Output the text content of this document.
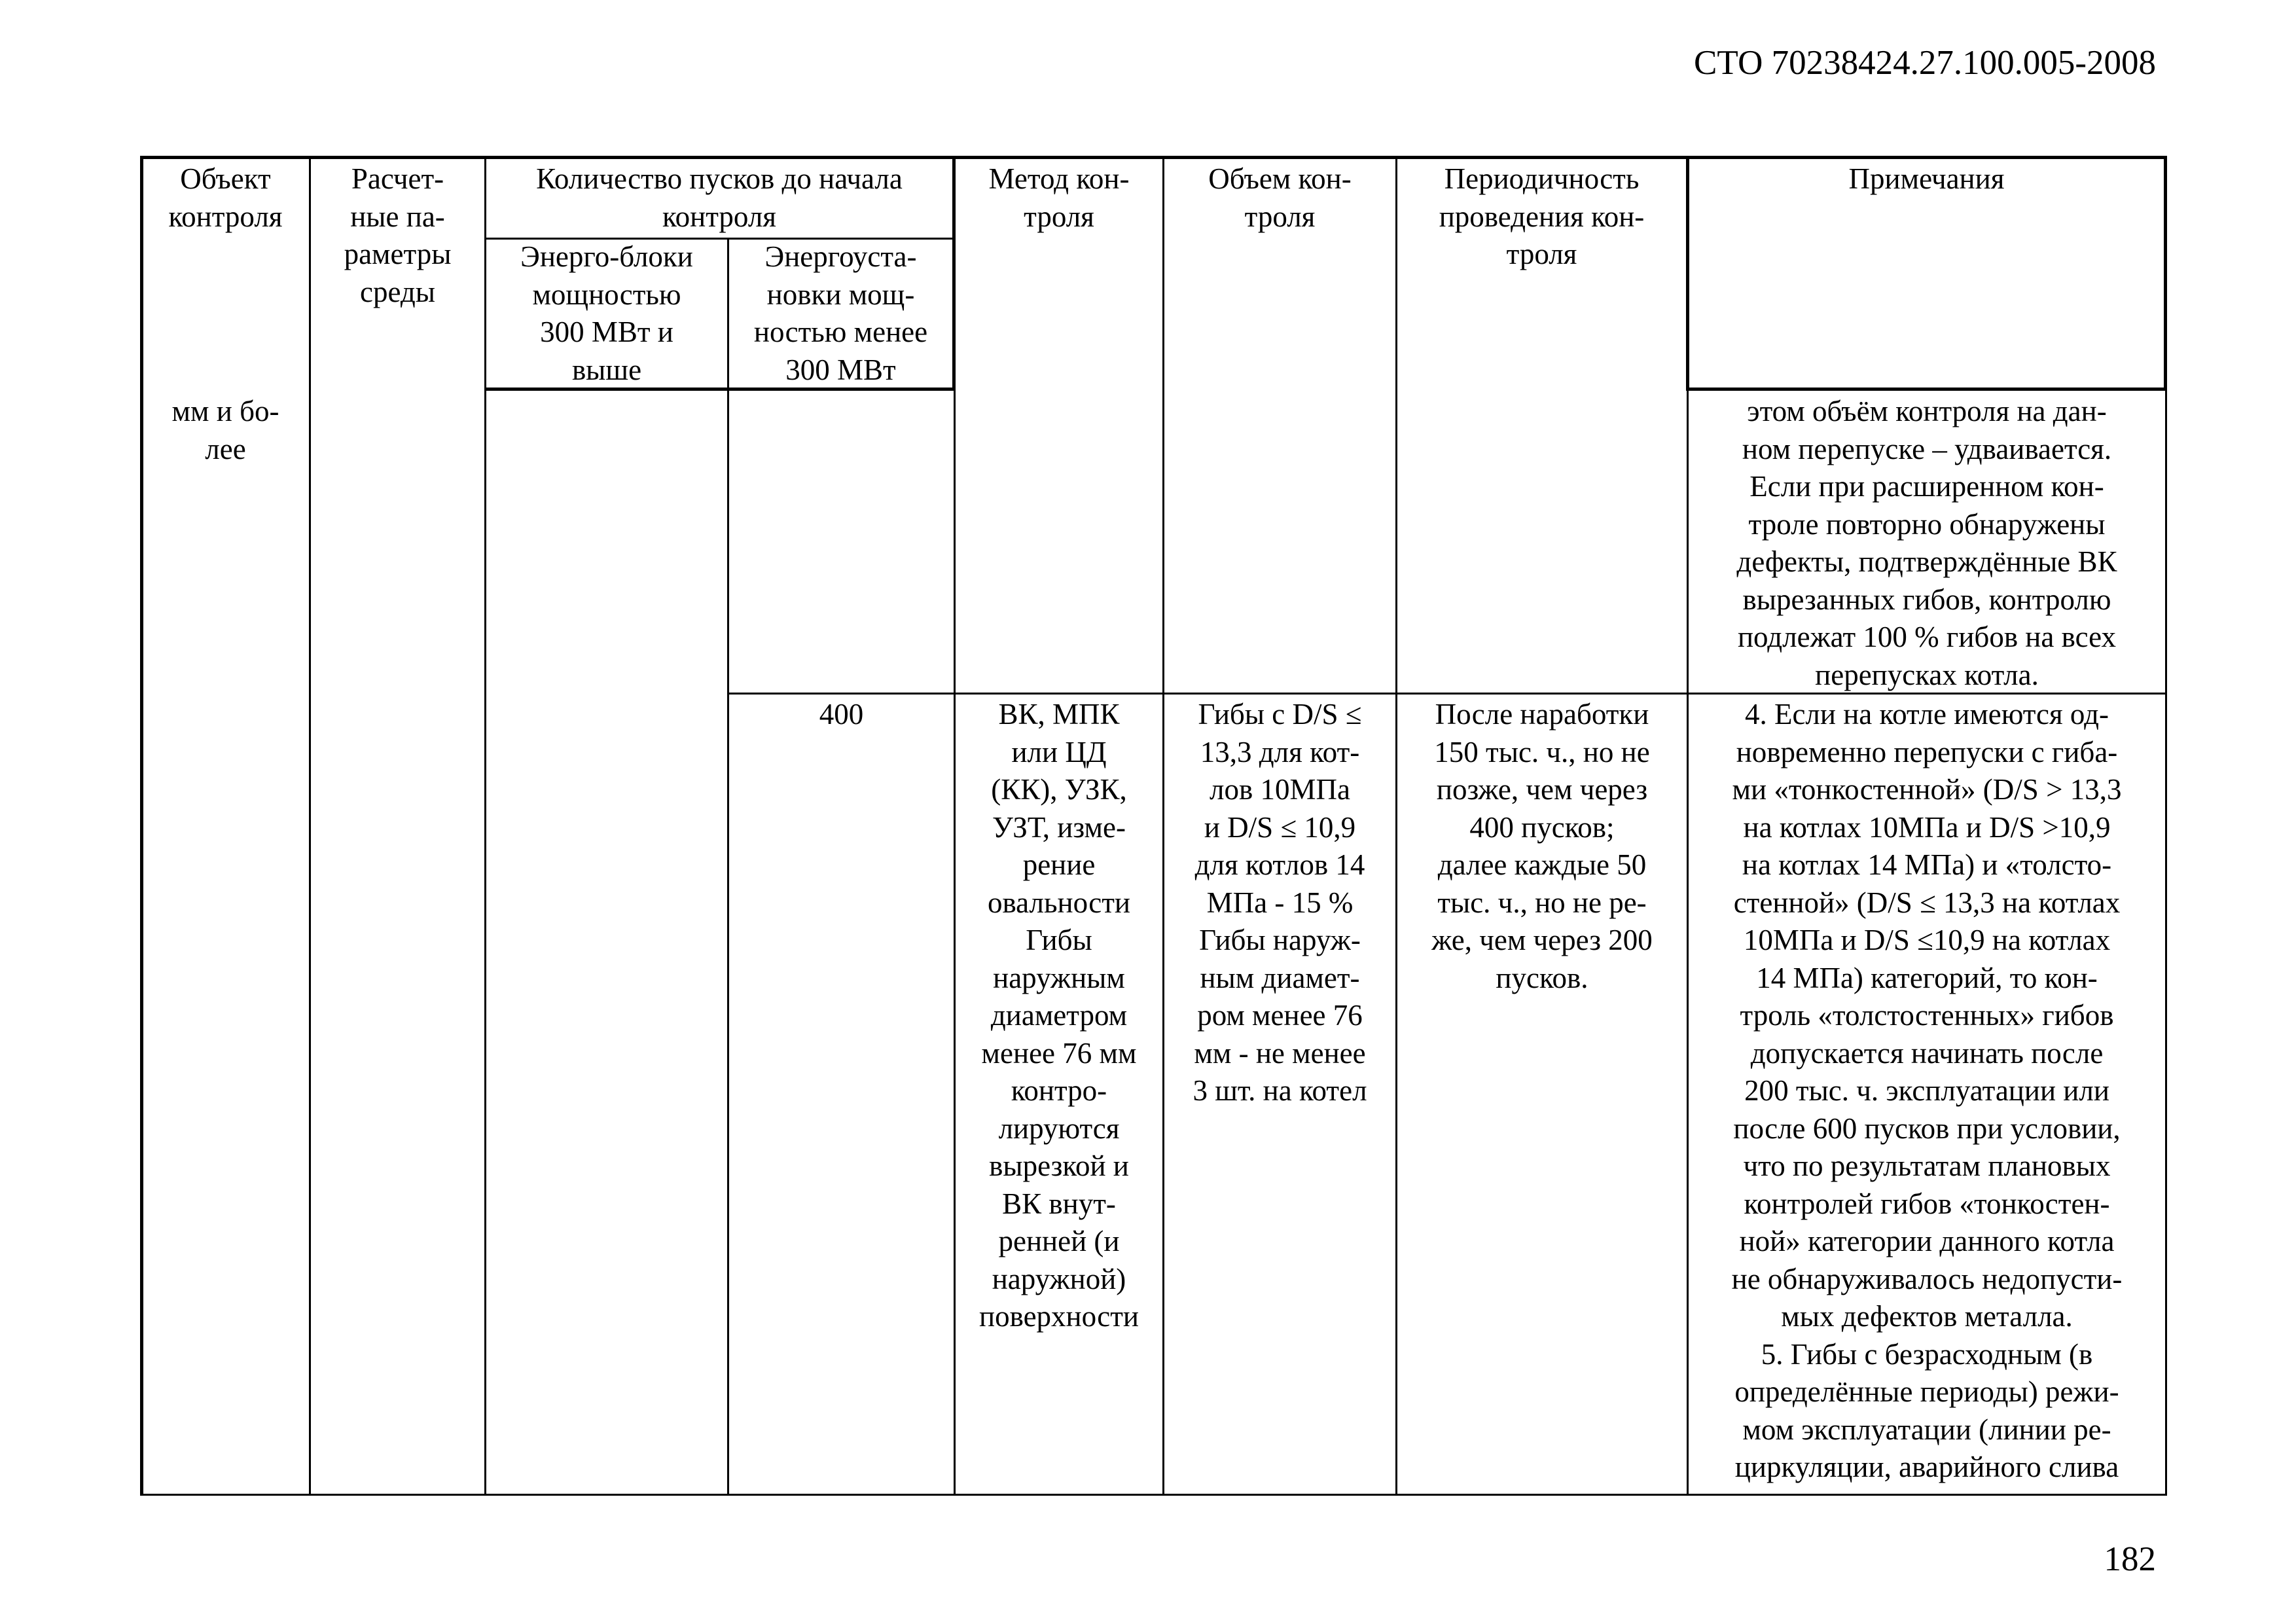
СТО 70238424.27.100.005-2008
Объект
контроля
Расчет-
ные па-
раметры
среды
Количество пусков до начала
контроля
Энерго-блоки
мощностью
300 МВт и
выше
Энергоуста-
новки мощ-
ностью менее
300 МВт
Метод кон-
троля
Объем кон-
троля
Периодичность
проведения кон-
троля
Примечания
мм и бо-
лее
этом объём контроля на дан-
ном перепуске – удваивается.
Если при расширенном кон-
троле повторно обнаружены
дефекты, подтверждённые ВК
вырезанных гибов, контролю
подлежат 100 % гибов на всех
перепусках котла.
400	ВК, МПК
или ЦД
(КК), УЗК,
УЗТ, изме-
рение
овальности
Гибы
наружным
диаметром
менее 76 мм
контро-
лируются
вырезкой и
ВК внут-
ренней (и
наружной)
поверхности
Гибы с D/S ≤
13,3 для кот-
лов 10МПа
и D/S ≤ 10,9
для котлов 14
МПа - 15 %
Гибы наруж-
ным диамет-
ром менее 76
мм - не менее
3 шт. на котел
После наработки
150 тыс. ч., но не
позже, чем через
400 пусков;
далее каждые 50
тыс. ч., но не ре-
же, чем через 200
пусков.
4. Если на котле имеются од-
новременно перепуски с гиба-
ми «тонкостенной» (D/S > 13,3
на котлах 10МПа и D/S >10,9
на котлах 14 МПа) и «толсто-
стенной» (D/S ≤ 13,3 на котлах
10МПа и D/S ≤10,9 на котлах
14 МПа) категорий, то кон-
троль «толстостенных» гибов
допускается начинать после
200 тыс. ч. эксплуатации или
после 600 пусков при условии,
что по результатам плановых
контролей гибов «тонкостен-
ной» категории данного котла
не обнаруживалось недопусти-
мых дефектов металла.
5. Гибы с безрасходным (в
определённые периоды) режи-
мом эксплуатации (линии ре-
циркуляции, аварийного слива
182
